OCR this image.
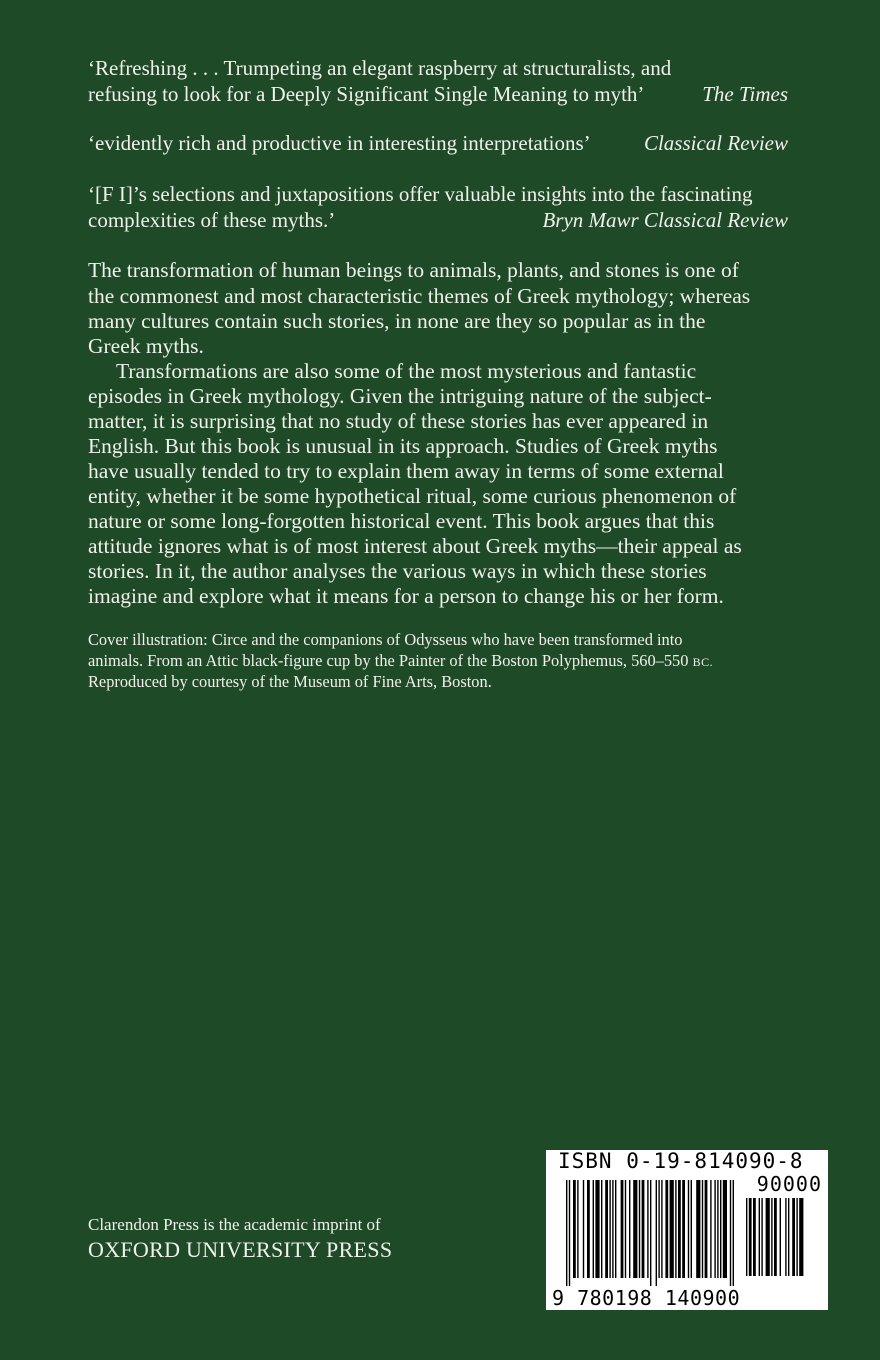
‘Refreshing . . . Trumpeting an elegant raspberry at structuralists, and
refusing to look for a Deeply Significant Single Meaning to myth’	The Times
‘evidently rich and productive in interesting interpretations’	Classical Review
‘[F I]’s selections and juxtapositions offer valuable insights into the fascinating
complexities of these myths.’	Bryn Mawr Classical Review
The transformation of human beings to animals, plants, and stones is one of
the commonest and most characteristic themes of Greek mythology; whereas
many cultures contain such stories, in none are they so popular as in the
Greek myths.
Transformations are also some of the most mysterious and fantastic
episodes in Greek mythology. Given the intriguing nature of the subject-
matter, it is surprising that no study of these stories has ever appeared in
English. But this book is unusual in its approach. Studies of Greek myths
have usually tended to try to explain them away in terms of some external
entity, whether it be some hypothetical ritual, some curious phenomenon of
nature or some long-forgotten historical event. This book argues that this
attitude ignores what is of most interest about Greek myths—their appeal as
stories. In it, the author analyses the various ways in which these stories
imagine and explore what it means for a person to change his or her form.
Cover illustration: Circe and the companions of Odysseus who have been transformed into
animals. From an Attic black-figure cup by the Painter of the Boston Polyphemus, 560–550 BC.
Reproduced by courtesy of the Museum of Fine Arts, Boston.
Clarendon Press is the academic imprint of
OXFORD UNIVERSITY PRESS
ISBN 0-19-814090-8
90000
9 780198 140900
